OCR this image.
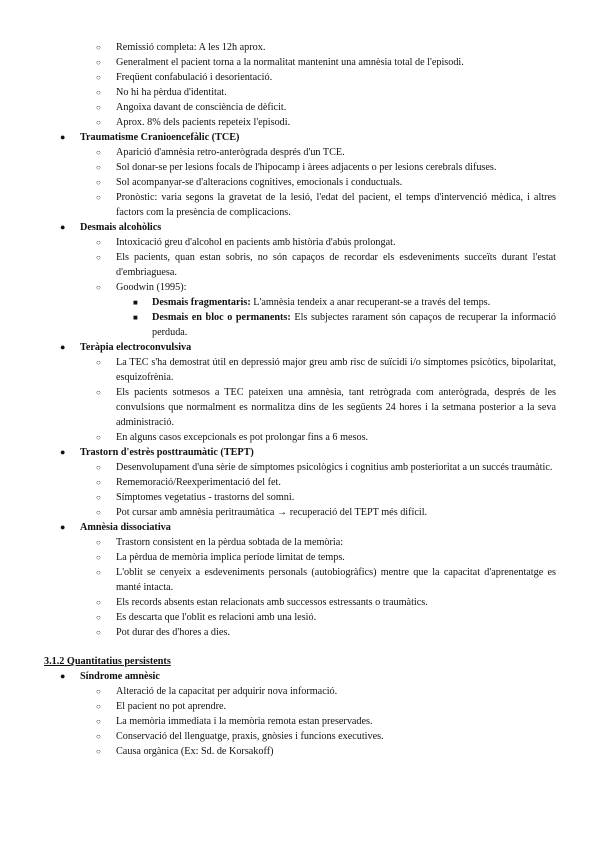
○ Remissió completa: A les 12h aprox.
○ Generalment el pacient torna a la normalitat mantenint una amnèsia total de l'episodi.
○ Freqüent confabulació i desorientació.
○ No hi ha pèrdua d'identitat.
○ Angoixa davant de consciència de dèficit.
○ Aprox. 8% dels pacients repeteix l'episodi.
● Traumatisme Cranioencefàlic (TCE)
○ Aparició d'amnèsia retro-anterògrada després d'un TCE.
○ Sol donar-se per lesions focals de l'hipocamp i àrees adjacents o per lesions cerebrals difuses.
○ Sol acompanyar-se d'alteracions cognitives, emocionals i conductuals.
○ Pronòstic: varia segons la gravetat de la lesió, l'edat del pacient, el temps d'intervenció mèdica, i altres factors com la presència de complicacions.
● Desmais alcohòlics
○ Intoxicació greu d'alcohol en pacients amb història d'abús prolongat.
○ Els pacients, quan estan sobris, no són capaços de recordar els esdeveniments succeïts durant l'estat d'embriaguesa.
○ Goodwin (1995):
■ Desmais fragmentaris: L'amnèsia tendeix a anar recuperant-se a través del temps.
■ Desmais en bloc o permanents: Els subjectes rarament són capaços de recuperar la informació perduda.
● Teràpia electroconvulsiva
○ La TEC s'ha demostrat útil en depressió major greu amb risc de suïcidi i/o símptomes psicòtics, bipolaritat, esquizofrènia.
○ Els pacients sotmesos a TEC pateixen una amnèsia, tant retrògrada com anterògrada, després de les convulsions que normalment es normalitza dins de les següents 24 hores i la setmana posterior a la seva administració.
○ En alguns casos excepcionals es pot prolongar fins a 6 mesos.
● Trastorn d'estrès posttraumàtic (TEPT)
○ Desenvolupament d'una sèrie de símptomes psicològics i cognitius amb posterioritat a un succés traumàtic.
○ Rememoració/Reexperimentació del fet.
○ Símptomes vegetatius - trastorns del somni.
○ Pot cursar amb amnèsia peritraumàtica → recuperació del TEPT més difícil.
● Amnèsia dissociativa
○ Trastorn consistent en la pèrdua sobtada de la memòria:
○ La pèrdua de memòria implica període limitat de temps.
○ L'oblit se cenyeix a esdeveniments personals (autobiogràfics) mentre que la capacitat d'aprenentatge es manté intacta.
○ Els records absents estan relacionats amb successos estressants o traumàtics.
○ Es descarta que l'oblit es relacioni amb una lesió.
○ Pot durar des d'hores a dies.
3.1.2 Quantitatius persistents
● Síndrome amnèsic
○ Alteració de la capacitat per adquirir nova informació.
○ El pacient no pot aprendre.
○ La memòria immediata i la memòria remota estan preservades.
○ Conservació del llenguatge, praxis, gnòsies i funcions executives.
○ Causa orgànica (Ex: Sd. de Korsakoff)
